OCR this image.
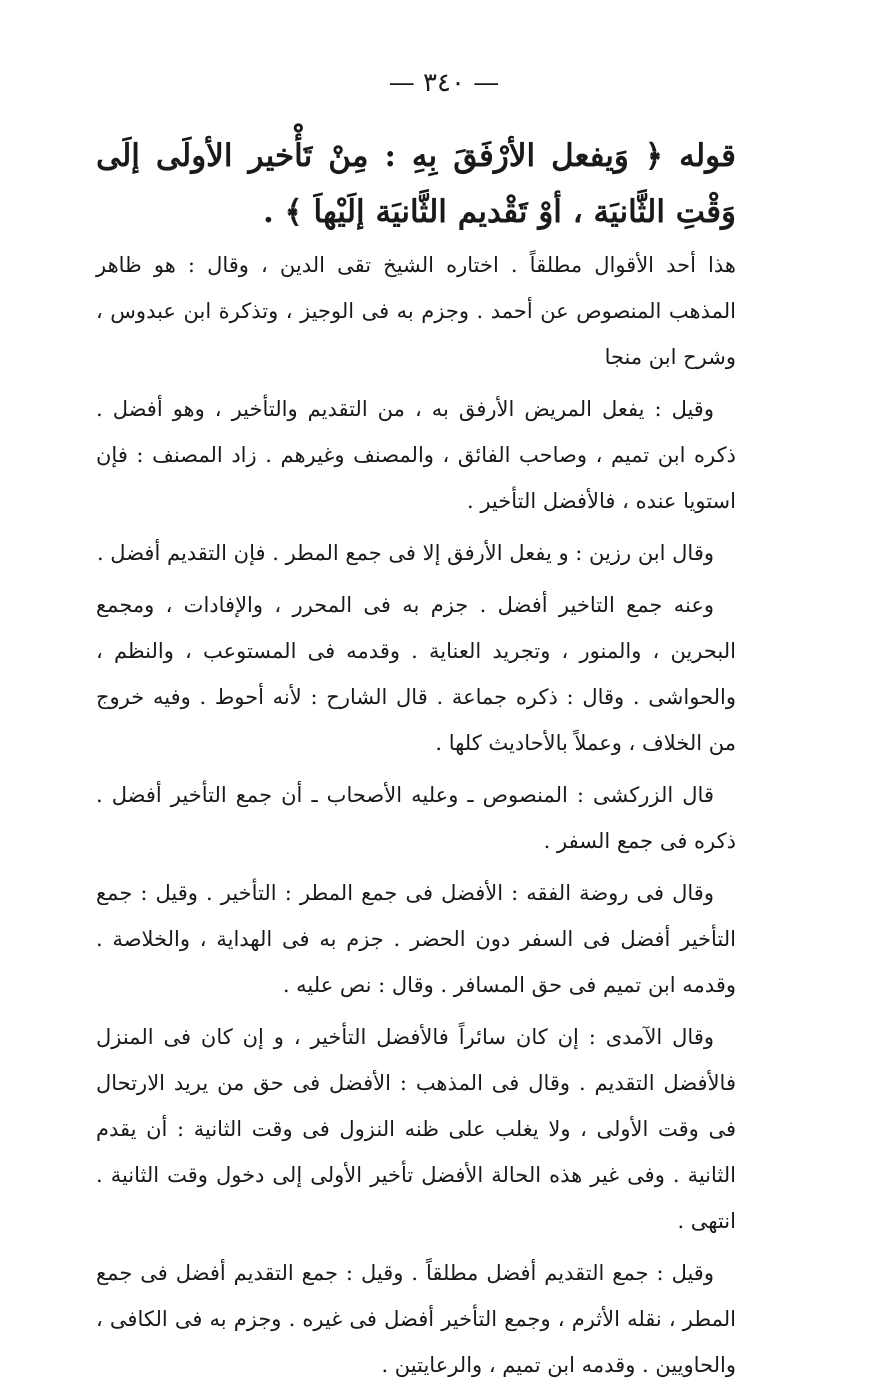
— ٣٤٠ —
قوله ﴿ وَيفعل الأرْفَقَ بِهِ : مِنْ تَأْخير الأولَى إلَى وَقْتِ الثَّانيَة ، أوْ تَقْديم الثَّانيَة إلَيْهاَ ﴾ .

هذا أحد الأقوال مطلقاً . اختاره الشيخ تقى الدين ، وقال : هو ظاهر المذهب المنصوص عن أحمد . وجزم به فى الوجيز ، وتذكرة ابن عبدوس ، وشرح ابن منجا

وقيل : يفعل المريض الأرفق به ، من التقديم والتأخير ، وهو أفضل . ذكره ابن تميم ، وصاحب الفائق ، والمصنف وغيرهم . زاد المصنف : فإن استويا عنده ، فالأفضل التأخير .

وقال ابن رزين : و يفعل الأرفق إلا فى جمع المطر . فإن التقديم أفضل .

وعنه جمع التاخير أفضل . جزم به فى المحرر ، والإفادات ، ومجمع البحرين ، والمنور ، وتجريد العناية . وقدمه فى المستوعب ، والنظم ، والحواشى . وقال : ذكره جماعة . قال الشارح : لأنه أحوط . وفيه خروج من الخلاف ، وعملاً بالأحاديث كلها .

قال الزركشى : المنصوص ـ وعليه الأصحاب ـ أن جمع التأخير أفضل . ذكره فى جمع السفر .

وقال فى روضة الفقه : الأفضل فى جمع المطر : التأخير . وقيل : جمع التأخير أفضل فى السفر دون الحضر . جزم به فى الهداية ، والخلاصة . وقدمه ابن تميم فى حق المسافر . وقال : نص عليه .

وقال الآمدى : إن كان سائراً فالأفضل التأخير ، و إن كان فى المنزل فالأفضل التقديم . وقال فى المذهب : الأفضل فى حق من يريد الارتحال فى وقت الأولى ، ولا يغلب على ظنه النزول فى وقت الثانية : أن يقدم الثانية . وفى غير هذه الحالة الأفضل تأخير الأولى إلى دخول وقت الثانية . انتهى .

وقيل : جمع التقديم أفضل مطلقاً . وقيل : جمع التقديم أفضل فى جمع المطر ، نقله الأثرم ، وجمع التأخير أفضل فى غيره . وجزم به فى الكافى ، والحاويين . وقدمه ابن تميم ، والرعايتين .
